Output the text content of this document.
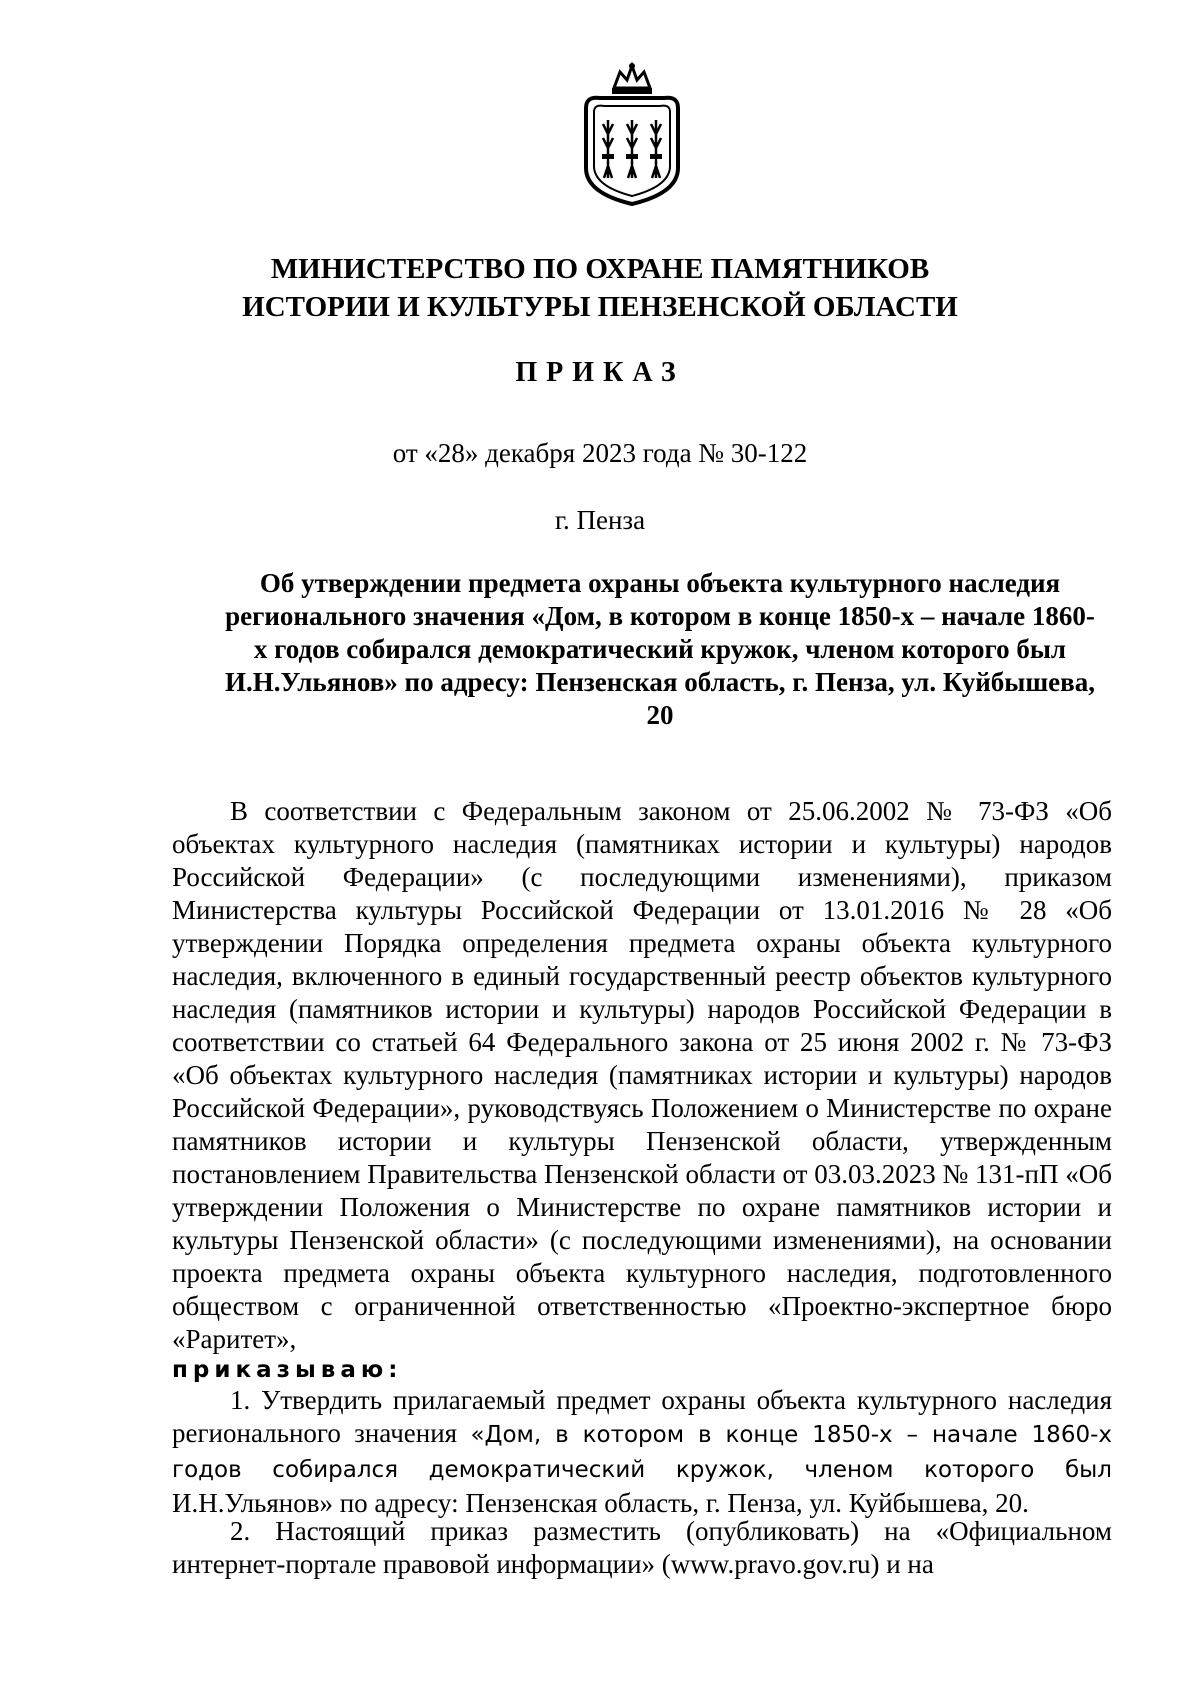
МИНИСТЕРСТВО ПО ОХРАНЕ ПАМЯТНИКОВ
ИСТОРИИ И КУЛЬТУРЫ ПЕНЗЕНСКОЙ ОБЛАСТИ
ПРИКАЗ
от «28» декабря 2023 года № 30-122
г. Пенза
Об утверждении предмета охраны объекта культурного наследия регионального значения «Дом, в котором в конце 1850-х – начале 1860-х годов собирался демократический кружок, членом которого был И.Н.Ульянов» по адресу: Пензенская область, г. Пенза, ул. Куйбышева, 20
В соответствии с Федеральным законом от 25.06.2002 № 73-ФЗ «Об объектах культурного наследия (памятниках истории и культуры) народов Российской Федерации» (с последующими изменениями), приказом Министерства культуры Российской Федерации от 13.01.2016 № 28 «Об утверждении Порядка определения предмета охраны объекта культурного наследия, включенного в единый государственный реестр объектов культурного наследия (памятников истории и культуры) народов Российской Федерации в соответствии со статьей 64 Федерального закона от 25 июня 2002 г. № 73-ФЗ «Об объектах культурного наследия (памятниках истории и культуры) народов Российской Федерации», руководствуясь Положением о Министерстве по охране памятников истории и культуры Пензенской области, утвержденным постановлением Правительства Пензенской области от 03.03.2023 № 131-пП «Об утверждении Положения о Министерстве по охране памятников истории и культуры Пензенской области» (с последующими изменениями), на основании проекта предмета охраны объекта культурного наследия, подготовленного обществом с ограниченной ответственностью «Проектно-экспертное бюро «Раритет»,
приказываю:
1. Утвердить прилагаемый предмет охраны объекта культурного наследия регионального значения «Дом, в котором в конце 1850-х – начале 1860-х годов собирался демократический кружок, членом которого был И.Н.Ульянов» по адресу: Пензенская область, г. Пенза, ул. Куйбышева, 20.
2. Настоящий приказ разместить (опубликовать) на «Официальном интернет-портале правовой информации» (www.pravo.gov.ru) и на
